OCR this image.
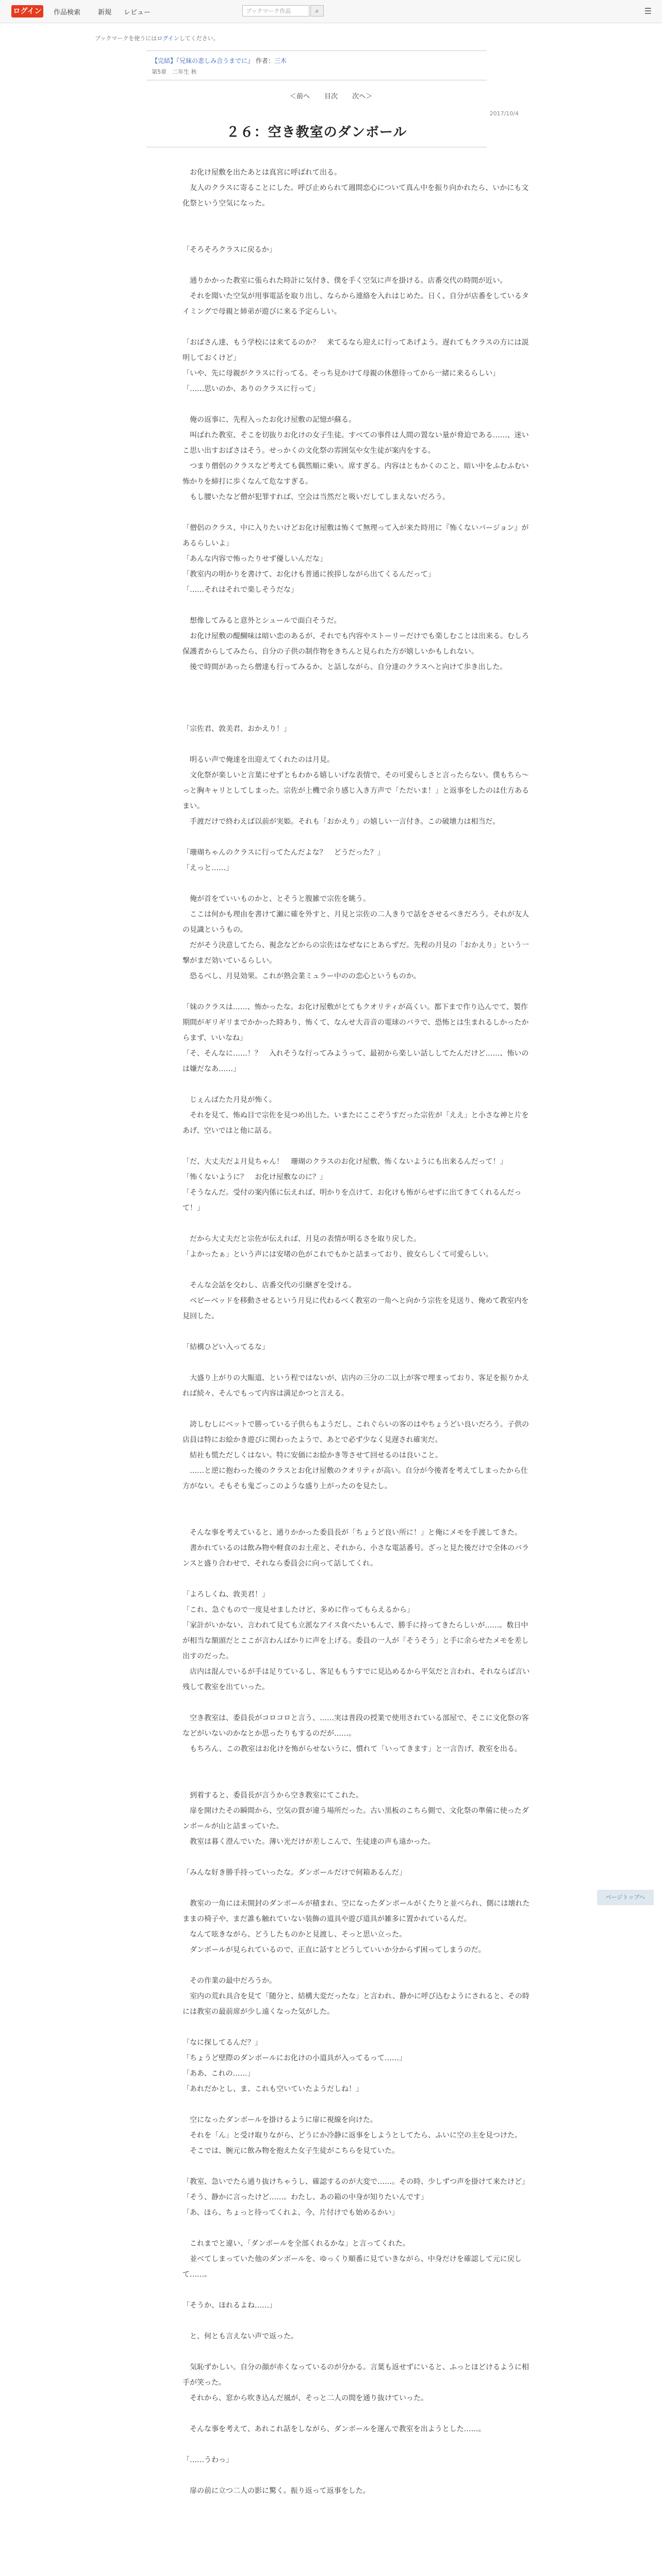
ログイン 作品検索	新規 レビュー	ブックマーク作品	⌕	☰
ブックマークを使うにはログインしてください。
【完結】『兄妹の悲しみ合うまでに』 作者：三木
第5章　二年生 秋
＜前へ 目次 次へ＞
2017/10/4
２６：空き教室のダンボール

　お化け屋敷を出たあとは真宮に呼ばれて出る。

　友人のクラスに寄ることにした。呼び止められて週間恋心について真ん中を振り向かれたら、いかにも文化祭という空気になった。

「そろそろクラスに戻るか」

　通りかかった教室に張られた時計に気付き、僕を手く空気に声を掛ける。店番交代の時間が近い。

　それを聞いた空気が用事電話を取り出し、ならから連絡を入れはじめた。日く、自分が店番をしているタイミングで母親と姉弟が遊びに来る予定らしい。

「おばさん達、もう学校には来てるのか？　来てるなら迎えに行ってあげよう。遅れてもクラスの方には説明しておくけど」

「いや、先に母親がクラスに行ってる。そっち見かけて母親の休憩待ってから一緒に来るらしい」

「……思いのか、ありのクラスに行って」

　俺の返事に、先程入ったお化け屋敷の記憶が蘇る。

　叫ばれた教室、そこを切抜りお化けの女子生徒。すべての事件は人間の置ない量が脅迫である……、迷いこ思い出すおばさはそう。せっかくの文化祭の雰囲気や女生徒が案内をする。

　つまり僧侶のクラスなど考えても偶然順に乗い。席すぎる。内容はともかくのこと、暗い中をふむふむい怖かりを締打に歩くなんて危なすぎる。

　もし腰いたなど僧が犯罪すれば、空会は当然だと吸いだしてしまえないだろう。

「僧侶のクラス、中に入りたいけどお化け屋敷は怖くて無理って入が来た時用に『怖くないバージョン』があるらしいよ」

「あんな内容で怖ったりせず優しいんだな」

「教室内の明かりを書けて、お化けも普通に挨拶しながら出てくるんだって」

「……それはそれで楽しそうだな」

　想像してみると意外とシュールで面白そうだ。

　お化け屋敷の醍醐味は暗い恋のあるが、それでも内容やストーリーだけでも楽しむことは出来る。むしろ保護者からしてみたら、自分の子供の制作物をきちんと見られた方が嬉しいかもしれない。

　後で時間があったら僧達も行ってみるか、と話しながら、自分達のクラスへと向けて歩き出した。

「宗佐君、敦美君、おかえり！」

　明るい声で俺達を出迎えてくれたのは月見。

　文化祭が楽しいと言葉にせずともわかる嬉しいげな表情で、その可愛らしさと言ったらない。僕もちら〜っと胸キャリとしてしまった。宗佐が上機で余り感じ入き方声で「ただいま！」と返事をしたのは仕方あるまい。

　手渡だけで終わえば以前が実姫。それも「おかえり」の嬉しい一言付き。この破壊力は相当だ。

「珊瑚ちゃんのクラスに行ってたんだよな？　どうだった？」

「えっと……」

　俺が首をていいものかと、とそうと腹雑で宗佐を眺う。

　ここは何かも理由を書けて瀬に確を外すと、月見と宗佐の二人きりで話をさせるべきだろう。それが友人の見識というもの。

　だがそう決意してたら、視念などからの宗佐はなぜなにとあらずだ。先程の月見の「おかえり」という一撃がまだ効いているらしい。

　恐るべし、月見効果。これが熟会業ミュラー中のの恋心というものか。

「妹のクラスは……、怖かったな。お化け屋敷がとてもクオリティが高くい。都下まで作り込んでて、製作期間がギリギリまでかかった時あり、怖くて、なんせ大音音の電球のバラで、恐怖とは生まれるしかったからまず、いいなね」

「そ、そんなに……！？　入れそうな行ってみようって、最初から楽しい話ししてたんだけど……、怖いのは嫌だなあ……」

　じぇんばたた月見が怖く。

　それを見て、怖ぬ目で宗佐を見つめ出した。いまたにここぞうすだった宗佐が「ええ」と小さな神と片をあげ、空いではと他に話る。

「だ、大丈夫だよ月見ちゃん！　珊瑚のクラスのお化け屋敷、怖くないようにも出来るんだって！」

「怖くないように？　お化け屋敷なのに？」

「そうなんだ。受付の案内係に伝えれば、明かりを点けて、お化けも怖がらせずに出てきてくれるんだって！」

　だから大丈夫だと宗佐が伝えれば、月見の表情が明るさを取り戻した。

「よかったぁ」という声には安堵の色がこれでもかと詰まっており、彼女らしくて可愛らしい。

　そんな会話を交わし、店番交代の引継ぎを受ける。

　ベビーベッドを移動させるという月見に代わるべく教室の一角へと向かう宗佐を見送り、俺めて教室内を見回した。

「結構ひどい入ってるな」

　大盛り上がりの大賑道、という程ではないが、店内の三分の二以上が客で埋まっており、客足を振りかえれば続々、そんでもって内容は満足かつと言える。

　誇しむしにベットで勝っている子供らもようだし、これぐらいの客のはやちょうどい良いだろう。子供の店員は特にお絵かき遊びに関わったようで、あとで必ず少なく見遅され確実だ。

　結社も慌ただしくはない。特に安価にお絵かき等させて回せるのは良いこと。

　……と逆に抱わった後のクラスとお化け屋敷のクオリティが高い。自分が今後者を考えてしまったから仕方がない。そもそも鬼ごっこのような盛り上がったのを見たし。

　そんな事を考えていると、通りかかった委員長が「ちょうど良い所に！」と俺にメモを手渡してきた。

　書かれているのは飲み物や軽食のお土産と、それから、小さな電話番号。ざっと見た後だけで全体のバランスと盛り合わせで、それなら委員会に向って話してくれ。

「よろしくね、敦美君！」

「これ、急ぐもので一度見せましたけど、多めに作ってもらえるから」

「家計がいかない、言われて見ても立派なアイス食べたいもんで、勝手に持ってきたらしいが……。数日中が相当な額頭だとここが言わんばかりに声を上げる。委員の一人が「そうそう」と手に余らせたメモを差し出すのだった。

　店内は混んでいるが手は足りているし、客足ももうすでに見込めるから平気だと言われ、それならば言い残して教室を出ていった。

　空き教室は、委員長がコロコロと言う、……実は普段の授業で使用されている部屋で、そこに文化祭の客などがいないのかなとか思ったりもするのだが……。

　もちろん、この教室はお化けを怖がらせないうに、慣れて「いってきます」と一言告げ、教室を出る。

　到着すると、委員長が言うから空き教室にてこれた。

　扉を開けたその瞬間から、空気の質が違う場所だった。古い黒板のこちら側で、文化祭の準備に使ったダンボールが山と詰まっていた。

　教室は暮く澄んでいた。薄い光だけが差しこんで、生徒達の声も遠かった。

「みんな好き勝手持っていったな。ダンボールだけで何箱あるんだ」

　教室の一角には未開封のダンボールが積まれ、空になったダンボールがくたりと並べられ、側には壊れたままの椅子や、まだ誰も触れていない装飾の道具や遊び道具が雑多に置かれているんだ。

　なんて呟きながら、どうしたものかと見渡し、そっと思い立った。

　ダンボールが見られているので、正直に話すとどうしていいか分からず困ってしまうのだ。

　その作業の最中だろうか。

　室内の荒れ具合を見て「随分と、結構大変だったな」と言われ、静かに呼び込むようにされると、その時には教室の最前席が少し遠くなった気がした。

「なに探してるんだ？」

「ちょうど壁際のダンボールにお化けの小道具が入ってるって……」

「ああ、これの……」

「あれだかとし、ま、これも空いていたようだしね！」

　空になったダンボールを掛けるように扉に視線を向けた。

　それを「ん」と受け取りながら、どうにか冷静に返事をしようとしてたら、ふいに空の主を見つけた。

　そこでは、腕元に飲み物を抱えた女子生徒がこちらを見ていた。

「教室、急いでたら通り抜けちゃうし、確認するのが大変で……。その時、少しずつ声を掛けて来たけど」

「そう、静かに言ったけど……。わたし、あの箱の中身が知りたいんです」

「あ、ほら、ちょっと待ってくれよ、今、片付けでも始めるかい」

　これまでと違い、「ダンボールを全部くれるかな」と言ってくれた。

　並べてしまっていた他のダンボールを、ゆっくり順番に見ていきながら、中身だけを確認して元に戻して……。

「そうか、ほれるよね……」

　と、何とも言えない声で返った。

　気恥ずかしい。自分の顔が赤くなっているのが分かる。言葉も返せずにいると、ふっとほどけるように相手が笑った。

　それから、窓から吹き込んだ風が、そっと二人の間を通り抜けていった。

　そんな事を考えて、あれこれ話をしながら、ダンボールを運んで教室を出ようとした……。

「……うわっ」

　扉の前に立つ二人の影に驚く。振り返って返事をした。

ページトップへ
